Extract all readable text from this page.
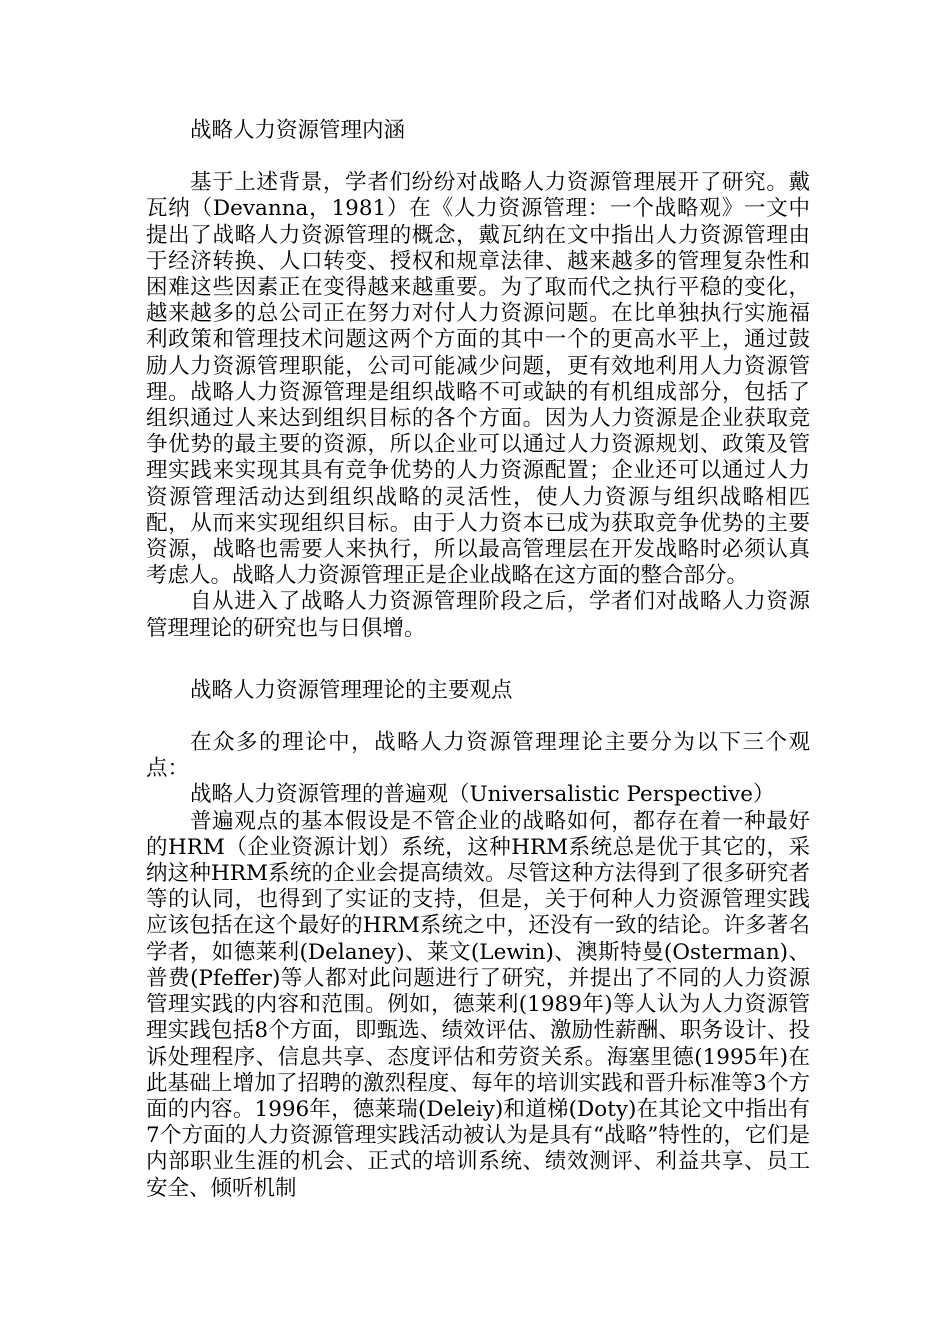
战略人力资源管理内涵

基于上述背景，学者们纷纷对战略人力资源管理展开了研究。戴瓦纳（Devanna，1981）在《人力资源管理：一个战略观》一文中提出了战略人力资源管理的概念，戴瓦纳在文中指出人力资源管理由于经济转换、人口转变、授权和规章法律、越来越多的管理复杂性和困难这些因素正在变得越来越重要。为了取而代之执行平稳的变化，越来越多的总公司正在努力对付人力资源问题。在比单独执行实施福利政策和管理技术问题这两个方面的其中一个的更高水平上，通过鼓励人力资源管理职能，公司可能减少问题，更有效地利用人力资源管理。战略人力资源管理是组织战略不可或缺的有机组成部分，包括了组织通过人来达到组织目标的各个方面。因为人力资源是企业获取竞争优势的最主要的资源，所以企业可以通过人力资源规划、政策及管理实践来实现其具有竞争优势的人力资源配置；企业还可以通过人力资源管理活动达到组织战略的灵活性，使人力资源与组织战略相匹配，从而来实现组织目标。由于人力资本已成为获取竞争优势的主要资源，战略也需要人来执行，所以最高管理层在开发战略时必须认真考虑人。战略人力资源管理正是企业战略在这方面的整合部分。

自从进入了战略人力资源管理阶段之后，学者们对战略人力资源管理理论的研究也与日俱增。

战略人力资源管理理论的主要观点

在众多的理论中，战略人力资源管理理论主要分为以下三个观点：

战略人力资源管理的普遍观（Universalistic Perspective）

普遍观点的基本假设是不管企业的战略如何，都存在着一种最好的HRM（企业资源计划）系统，这种HRM系统总是优于其它的，采纳这种HRM系统的企业会提高绩效。尽管这种方法得到了很多研究者等的认同，也得到了实证的支持，但是，关于何种人力资源管理实践应该包括在这个最好的HRM系统之中，还没有一致的结论。许多著名学者，如德莱利(Delaney)、莱文(Lewin)、澳斯特曼(Osterman)、普费(Pfeffer)等人都对此问题进行了研究，并提出了不同的人力资源管理实践的内容和范围。例如，德莱利(1989年)等人认为人力资源管理实践包括8个方面，即甄选、绩效评估、激励性薪酬、职务设计、投诉处理程序、信息共享、态度评估和劳资关系。海塞里德(1995年)在此基础上增加了招聘的激烈程度、每年的培训实践和晋升标准等3个方面的内容。1996年，德莱瑞(Deleiy)和道梯(Doty)在其论文中指出有7个方面的人力资源管理实践活动被认为是具有“战略”特性的，它们是内部职业生涯的机会、正式的培训系统、绩效测评、利益共享、员工安全、倾听机制
